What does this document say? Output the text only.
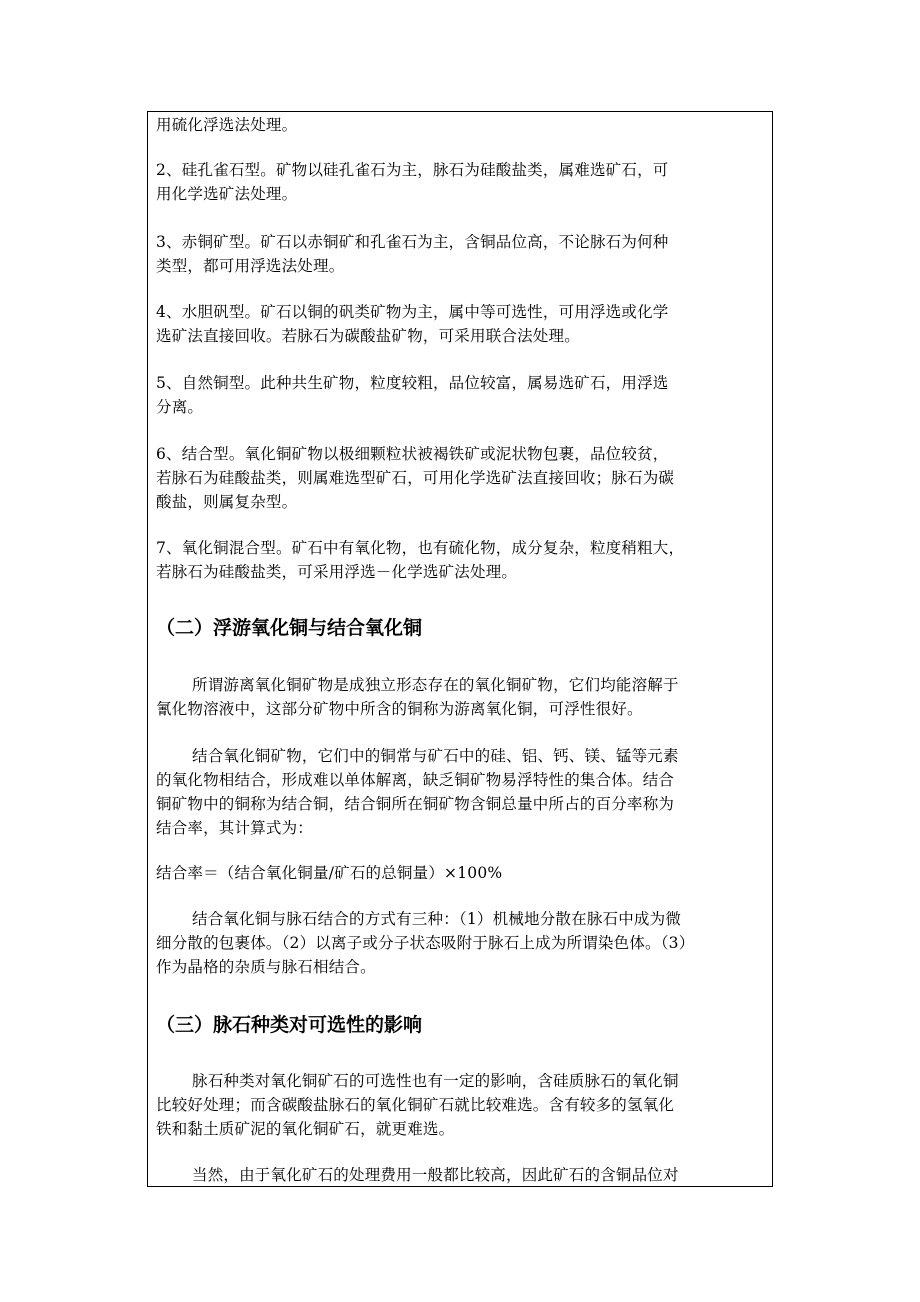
用硫化浮选法处理。

2、硅孔雀石型。矿物以硅孔雀石为主，脉石为硅酸盐类，属难选矿石，可
用化学选矿法处理。

3、赤铜矿型。矿石以赤铜矿和孔雀石为主，含铜品位高，不论脉石为何种
类型，都可用浮选法处理。

4、水胆矾型。矿石以铜的矾类矿物为主，属中等可选性，可用浮选或化学
选矿法直接回收。若脉石为碳酸盐矿物，可采用联合法处理。

5、自然铜型。此种共生矿物，粒度较粗，品位较富，属易选矿石，用浮选
分离。

6、结合型。氧化铜矿物以极细颗粒状被褐铁矿或泥状物包裹，品位较贫，
若脉石为硅酸盐类，则属难选型矿石，可用化学选矿法直接回收；脉石为碳
酸盐，则属复杂型。

7、氧化铜混合型。矿石中有氧化物，也有硫化物，成分复杂，粒度稍粗大，
若脉石为硅酸盐类，可采用浮选－化学选矿法处理。

（二）浮游氧化铜与结合氧化铜

所谓游离氧化铜矿物是成独立形态存在的氧化铜矿物，它们均能溶解于
氰化物溶液中，这部分矿物中所含的铜称为游离氧化铜，可浮性很好。

结合氧化铜矿物，它们中的铜常与矿石中的硅、铝、钙、镁、锰等元素
的氧化物相结合，形成难以单体解离，缺乏铜矿物易浮特性的集合体。结合
铜矿物中的铜称为结合铜，结合铜所在铜矿物含铜总量中所占的百分率称为
结合率，其计算式为：

结合率＝（结合氧化铜量/矿石的总铜量）×100%

结合氧化铜与脉石结合的方式有三种：（1）机械地分散在脉石中成为微
细分散的包裹体。（2）以离子或分子状态吸附于脉石上成为所谓染色体。（3）
作为晶格的杂质与脉石相结合。

（三）脉石种类对可选性的影响

脉石种类对氧化铜矿石的可选性也有一定的影响，含硅质脉石的氧化铜
比较好处理；而含碳酸盐脉石的氧化铜矿石就比较难选。含有较多的氢氧化
铁和黏土质矿泥的氧化铜矿石，就更难选。

当然，由于氧化矿石的处理费用一般都比较高，因此矿石的含铜品位对
